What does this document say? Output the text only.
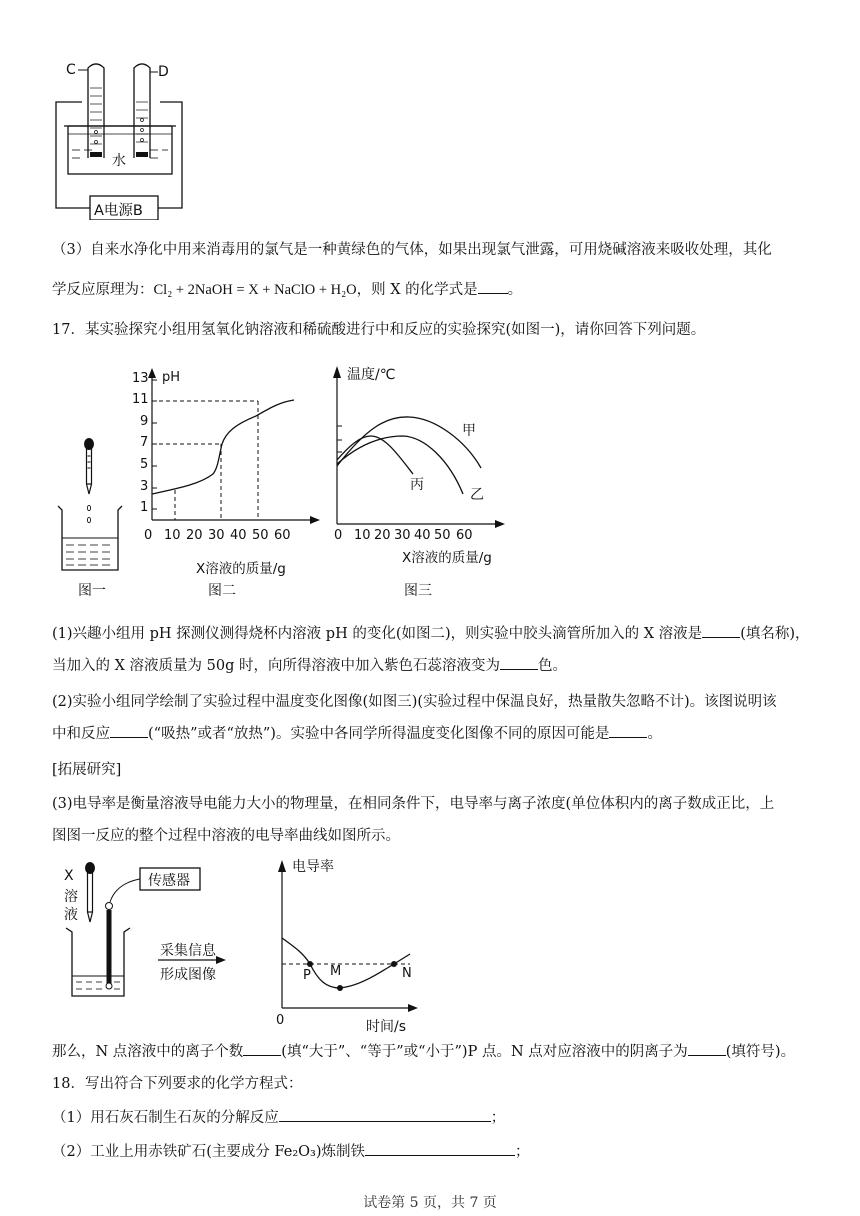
C	D
水
A电源B
（3）自来水净化中用来消毒用的氯气是一种黄绿色的气体，如果出现氯气泄露，可用烧碱溶液来吸收处理，其化
学反应原理为：Cl₂ + 2NaOH = X + NaClO + H₂O，则 X 的化学式是 。
17．某实验探究小组用氢氧化钠溶液和稀硫酸进行中和反应的实验探究(如图一)，请你回答下列问题。
图一
pH
13
11
9
7
5
3
1
0 10 20 30 40 50 60
X溶液的质量/g
图二
温度/℃
甲
丙
乙
0 10 20 30 40 50 60
X溶液的质量/g
图三
(1)兴趣小组用 pH 探测仪测得烧杯内溶液 pH 的变化(如图二)，则实验中胶头滴管所加入的 X 溶液是	(填名称)，
当加入的 X 溶液质量为 50g 时，向所得溶液中加入紫色石蕊溶液变为	色。
(2)实验小组同学绘制了实验过程中温度变化图像(如图三)(实验过程中保温良好，热量散失忽略不计)。该图说明该
中和反应	(“吸热”或者“放热”)。实验中各同学所得温度变化图像不同的原因可能是	。
[拓展研究]
(3)电导率是衡量溶液导电能力大小的物理量，在相同条件下，电导率与离子浓度(单位体积内的离子数成正比，上
图图一反应的整个过程中溶液的电导率曲线如图所示。
X
溶
液
传感器
采集信息
形成图像
电导率
P M	N
0	时间/s
那么，N 点溶液中的离子个数	(填“大于”、“等于”或“小于”)P 点。N 点对应溶液中的阴离子为	(填符号)。
18．写出符合下列要求的化学方程式：
（1）用石灰石制生石灰的分解反应	；
（2）工业上用赤铁矿石(主要成分 Fe₂O₃)炼制铁	；
试卷第 5 页，共 7 页
